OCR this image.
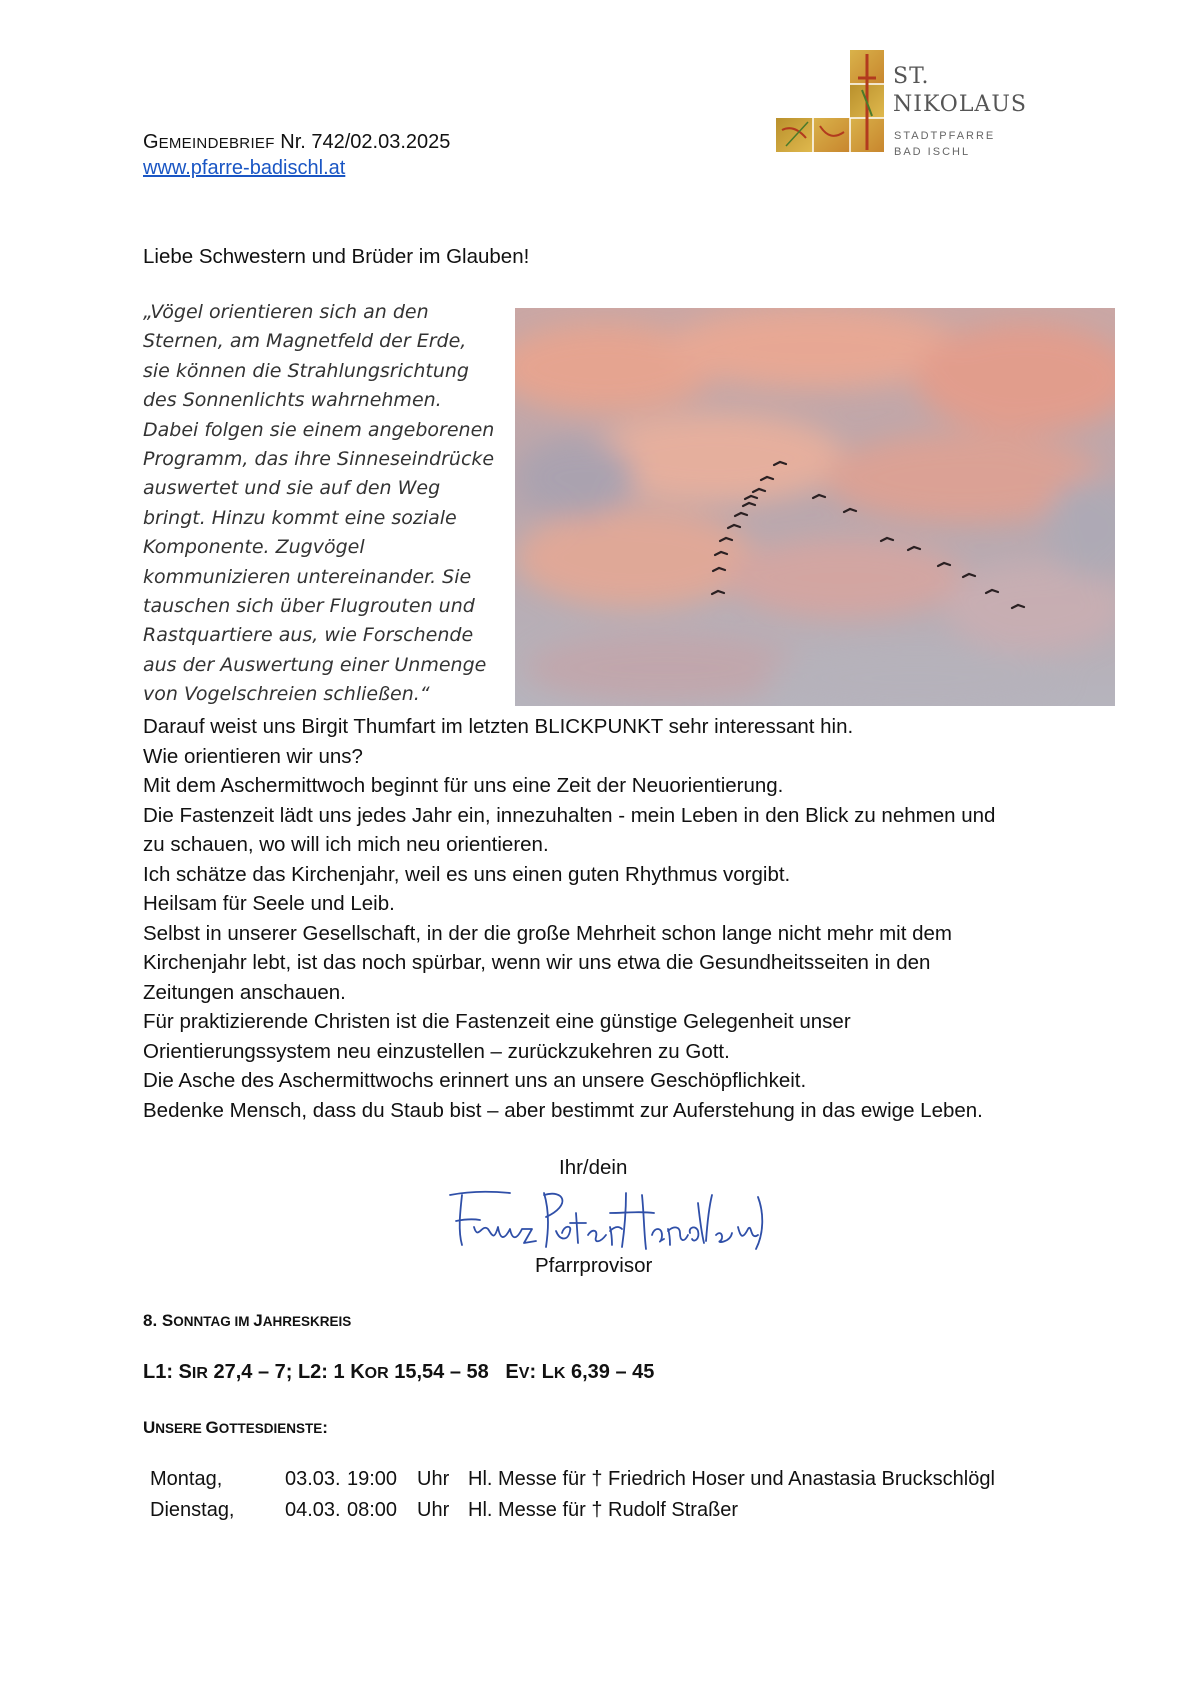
GEMEINDEBRIEF Nr. 742/02.03.2025
www.pfarre-badischl.at
ST.
NIKOLAUS
STADTPFARRE
BAD ISCHL
Liebe Schwestern und Brüder im Glauben!
„Vögel orientieren sich an den
Sternen, am Magnetfeld der Erde,
sie können die Strahlungsrichtung
des Sonnenlichts wahrnehmen.
Dabei folgen sie einem angeborenen
Programm, das ihre Sinneseindrücke
auswertet und sie auf den Weg
bringt. Hinzu kommt eine soziale
Komponente. Zugvögel
kommunizieren untereinander. Sie
tauschen sich über Flugrouten und
Rastquartiere aus, wie Forschende
aus der Auswertung einer Unmenge
von Vogelschreien schließen.“
Darauf weist uns Birgit Thumfart im letzten BLICKPUNKT sehr interessant hin.
Wie orientieren wir uns?
Mit dem Aschermittwoch beginnt für uns eine Zeit der Neuorientierung.
Die Fastenzeit lädt uns jedes Jahr ein, innezuhalten - mein Leben in den Blick zu nehmen und
zu schauen, wo will ich mich neu orientieren.
Ich schätze das Kirchenjahr, weil es uns einen guten Rhythmus vorgibt.
Heilsam für Seele und Leib.
Selbst in unserer Gesellschaft, in der die große Mehrheit schon lange nicht mehr mit dem
Kirchenjahr lebt, ist das noch spürbar, wenn wir uns etwa die Gesundheitsseiten in den
Zeitungen anschauen.
Für praktizierende Christen ist die Fastenzeit eine günstige Gelegenheit unser
Orientierungssystem neu einzustellen – zurückzukehren zu Gott.
Die Asche des Aschermittwochs erinnert uns an unsere Geschöpflichkeit.
Bedenke Mensch, dass du Staub bist – aber bestimmt zur Auferstehung in das ewige Leben.
Ihr/dein
Pfarrprovisor
8. SONNTAG IM JAHRESKREIS
L1: SIR 27,4 – 7; L2: 1 KOR 15,54 – 58   EV: LK 6,39 – 45
UNSERE GOTTESDIENSTE:
Montag,	03.03.	19:00	Uhr	Hl. Messe für † Friedrich Hoser und Anastasia Bruckschlögl
Dienstag,	04.03.	08:00	Uhr	Hl. Messe für † Rudolf Straßer
